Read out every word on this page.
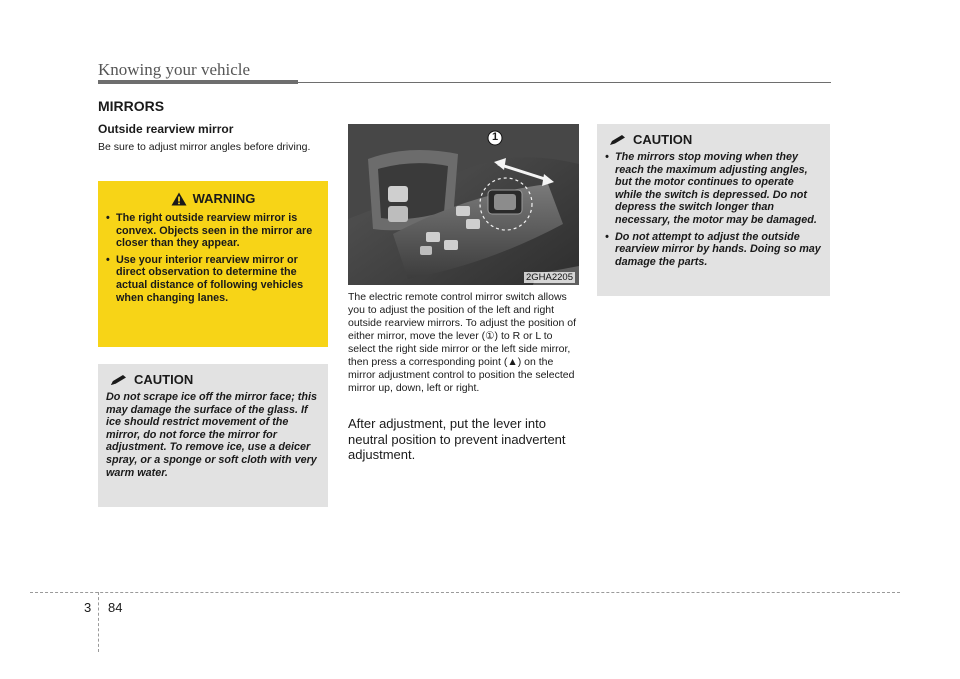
Knowing your vehicle
MIRRORS
Outside rearview mirror
Be sure to adjust mirror angles before driving.
WARNING
• The right outside rearview mirror is convex. Objects seen in the mirror are closer than they appear.
• Use your interior rearview mirror or direct observation to determine the actual distance of following vehicles when changing lanes.
CAUTION
Do not scrape ice off the mirror face; this may damage the surface of the glass. If ice should restrict movement of the mirror, do not force the mirror for adjustment. To remove ice, use a deicer spray, or a sponge or soft cloth with very warm water.
1
2GHA2205
The electric remote control mirror switch allows you to adjust the position of the left and right outside rearview mirrors. To adjust the position of either mirror, move the lever (①) to R or L to select the right side mirror or the left side mirror, then press a corresponding point (▲) on the mirror adjustment control to position the selected mirror up, down, left or right.
After adjustment, put the lever into neutral position to prevent inadvertent adjustment.
CAUTION
• The mirrors stop moving when they reach the maximum adjusting angles, but the motor continues to operate while the switch is depressed. Do not depress the switch longer than necessary, the motor may be damaged.
• Do not attempt to adjust the outside rearview mirror by hands. Doing so may damage the parts.
3 84
